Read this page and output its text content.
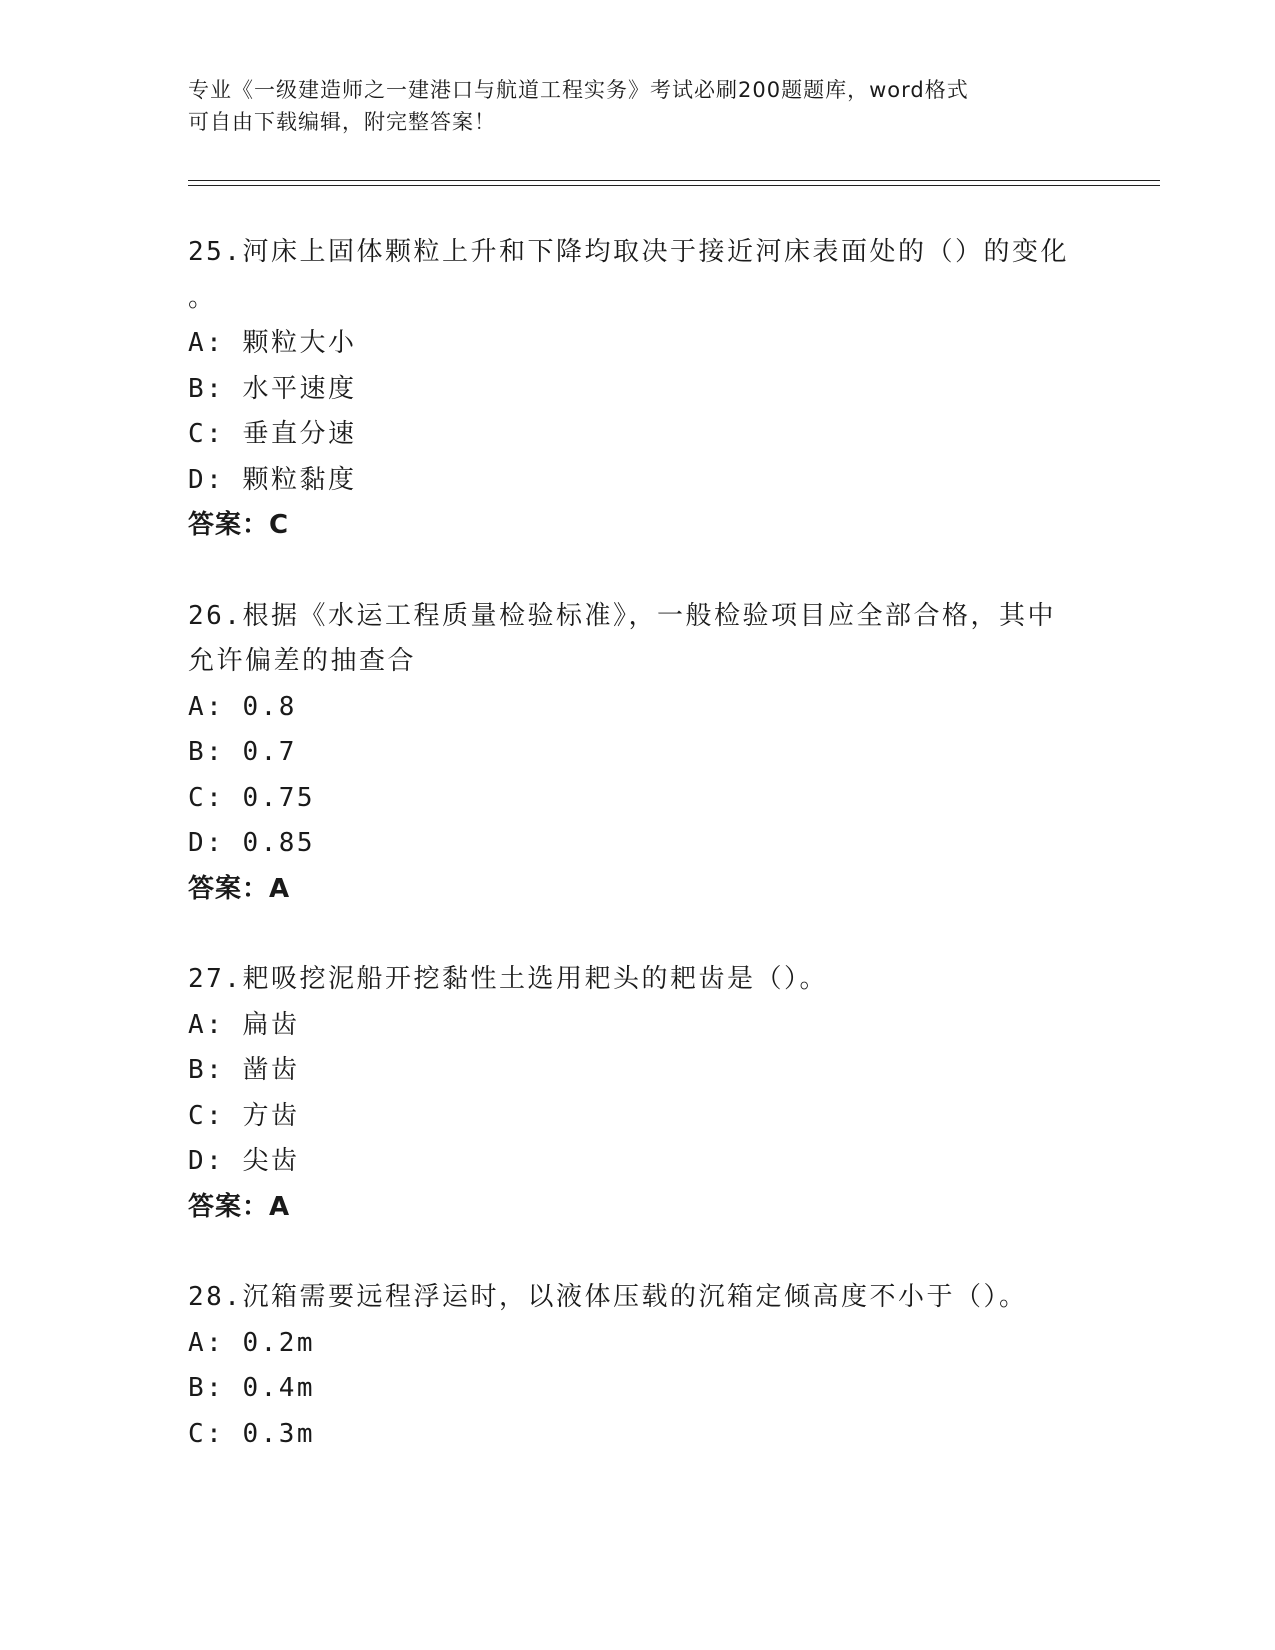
专业《一级建造师之一建港口与航道工程实务》考试必刷200题题库，word格式
可自由下载编辑，附完整答案！
25.河床上固体颗粒上升和下降均取决于接近河床表面处的（）的变化
。
A: 颗粒大小
B: 水平速度
C: 垂直分速
D: 颗粒黏度
答案：C
26.根据《水运工程质量检验标准》，一般检验项目应全部合格，其中
允许偏差的抽查合
A: 0.8
B: 0.7
C: 0.75
D: 0.85
答案：A
27.耙吸挖泥船开挖黏性土选用耙头的耙齿是（）。
A: 扁齿
B: 凿齿
C: 方齿
D: 尖齿
答案：A
28.沉箱需要远程浮运时，以液体压载的沉箱定倾高度不小于（）。
A: 0.2m
B: 0.4m
C: 0.3m
